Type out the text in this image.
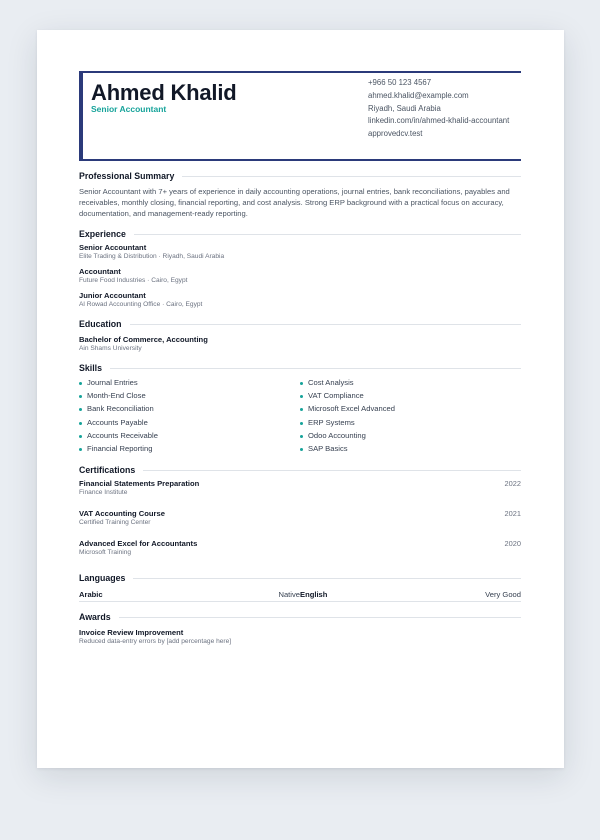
Ahmed Khalid
Senior Accountant
+966 50 123 4567
ahmed.khalid@example.com
Riyadh, Saudi Arabia
linkedin.com/in/ahmed-khalid-accountant
approvedcv.test
Professional Summary
Senior Accountant with 7+ years of experience in daily accounting operations, journal entries, bank reconciliations, payables and receivables, monthly closing, financial reporting, and cost analysis. Strong ERP background with a practical focus on accuracy, documentation, and management-ready reporting.
Experience
Senior Accountant
Elite Trading & Distribution · Riyadh, Saudi Arabia
Accountant
Future Food Industries · Cairo, Egypt
Junior Accountant
Al Rowad Accounting Office · Cairo, Egypt
Education
Bachelor of Commerce, Accounting
Ain Shams University
Skills
Journal Entries
Month-End Close
Bank Reconciliation
Accounts Payable
Accounts Receivable
Financial Reporting
Cost Analysis
VAT Compliance
Microsoft Excel Advanced
ERP Systems
Odoo Accounting
SAP Basics
Certifications
Financial Statements Preparation
Finance Institute
2022
VAT Accounting Course
Certified Training Center
2021
Advanced Excel for Accountants
Microsoft Training
2020
Languages
Arabic	Native English	Very Good
Awards
Invoice Review Improvement
Reduced data-entry errors by [add percentage here]
